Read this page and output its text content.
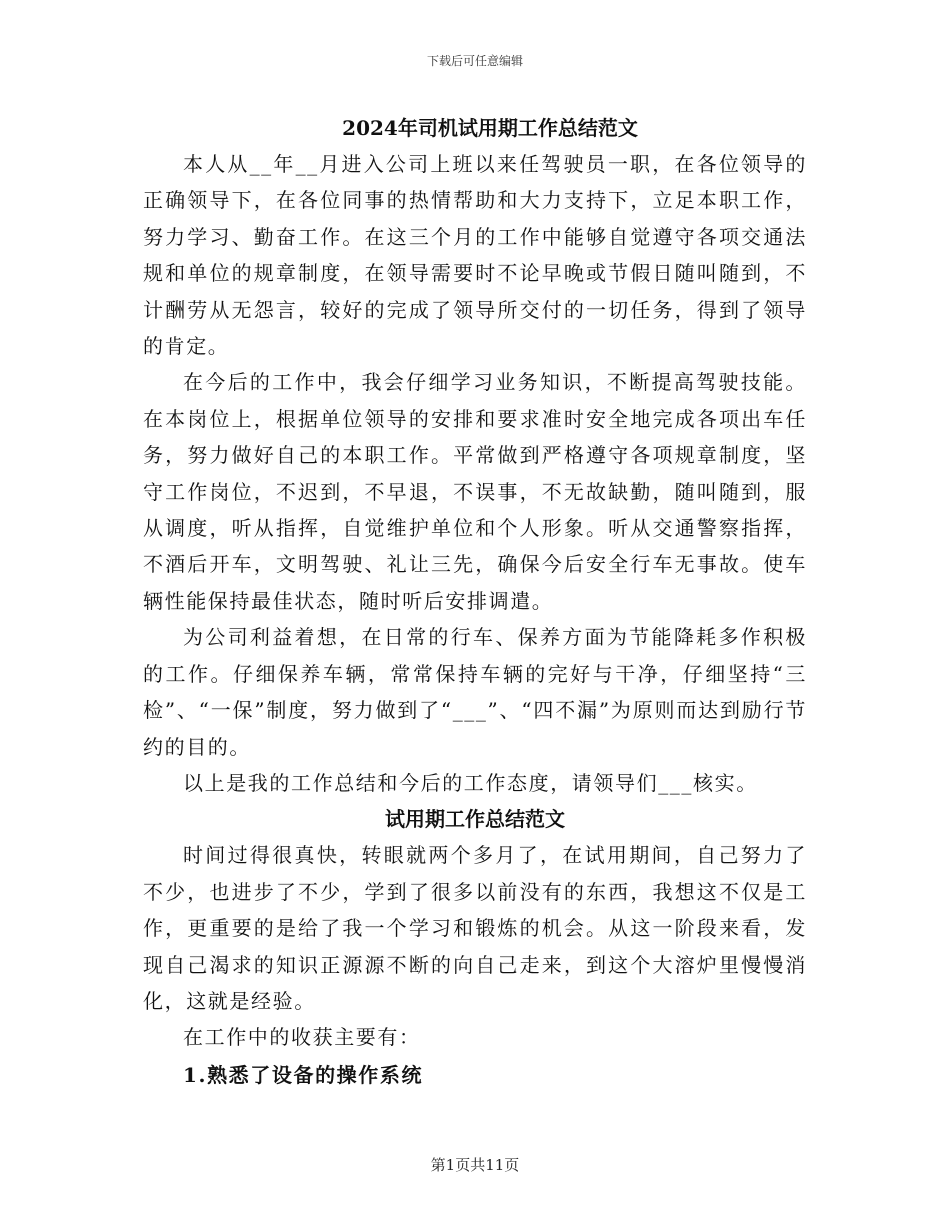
下载后可任意编辑
2024年司机试用期工作总结范文

本人从__年__月进入公司上班以来任驾驶员一职，在各位领导的正确领导下，在各位同事的热情帮助和大力支持下，立足本职工作，努力学习、勤奋工作。在这三个月的工作中能够自觉遵守各项交通法规和单位的规章制度，在领导需要时不论早晚或节假日随叫随到，不计酬劳从无怨言，较好的完成了领导所交付的一切任务，得到了领导的肯定。

在今后的工作中，我会仔细学习业务知识，不断提高驾驶技能。在本岗位上，根据单位领导的安排和要求准时安全地完成各项出车任务，努力做好自己的本职工作。平常做到严格遵守各项规章制度，坚守工作岗位，不迟到，不早退，不误事，不无故缺勤，随叫随到，服从调度，听从指挥，自觉维护单位和个人形象。听从交通警察指挥，不酒后开车，文明驾驶、礼让三先，确保今后安全行车无事故。使车辆性能保持最佳状态，随时听后安排调遣。

为公司利益着想，在日常的行车、保养方面为节能降耗多作积极的工作。仔细保养车辆，常常保持车辆的完好与干净，仔细坚持“三检”、“一保”制度，努力做到了“___”、“四不漏”为原则而达到励行节约的目的。

以上是我的工作总结和今后的工作态度，请领导们___核实。

试用期工作总结范文

时间过得很真快，转眼就两个多月了，在试用期间，自己努力了不少，也进步了不少，学到了很多以前没有的东西，我想这不仅是工作，更重要的是给了我一个学习和锻炼的机会。从这一阶段来看，发现自己渴求的知识正源源不断的向自己走来，到这个大溶炉里慢慢消化，这就是经验。

在工作中的收获主要有：

1.熟悉了设备的操作系统

第1页共11页
